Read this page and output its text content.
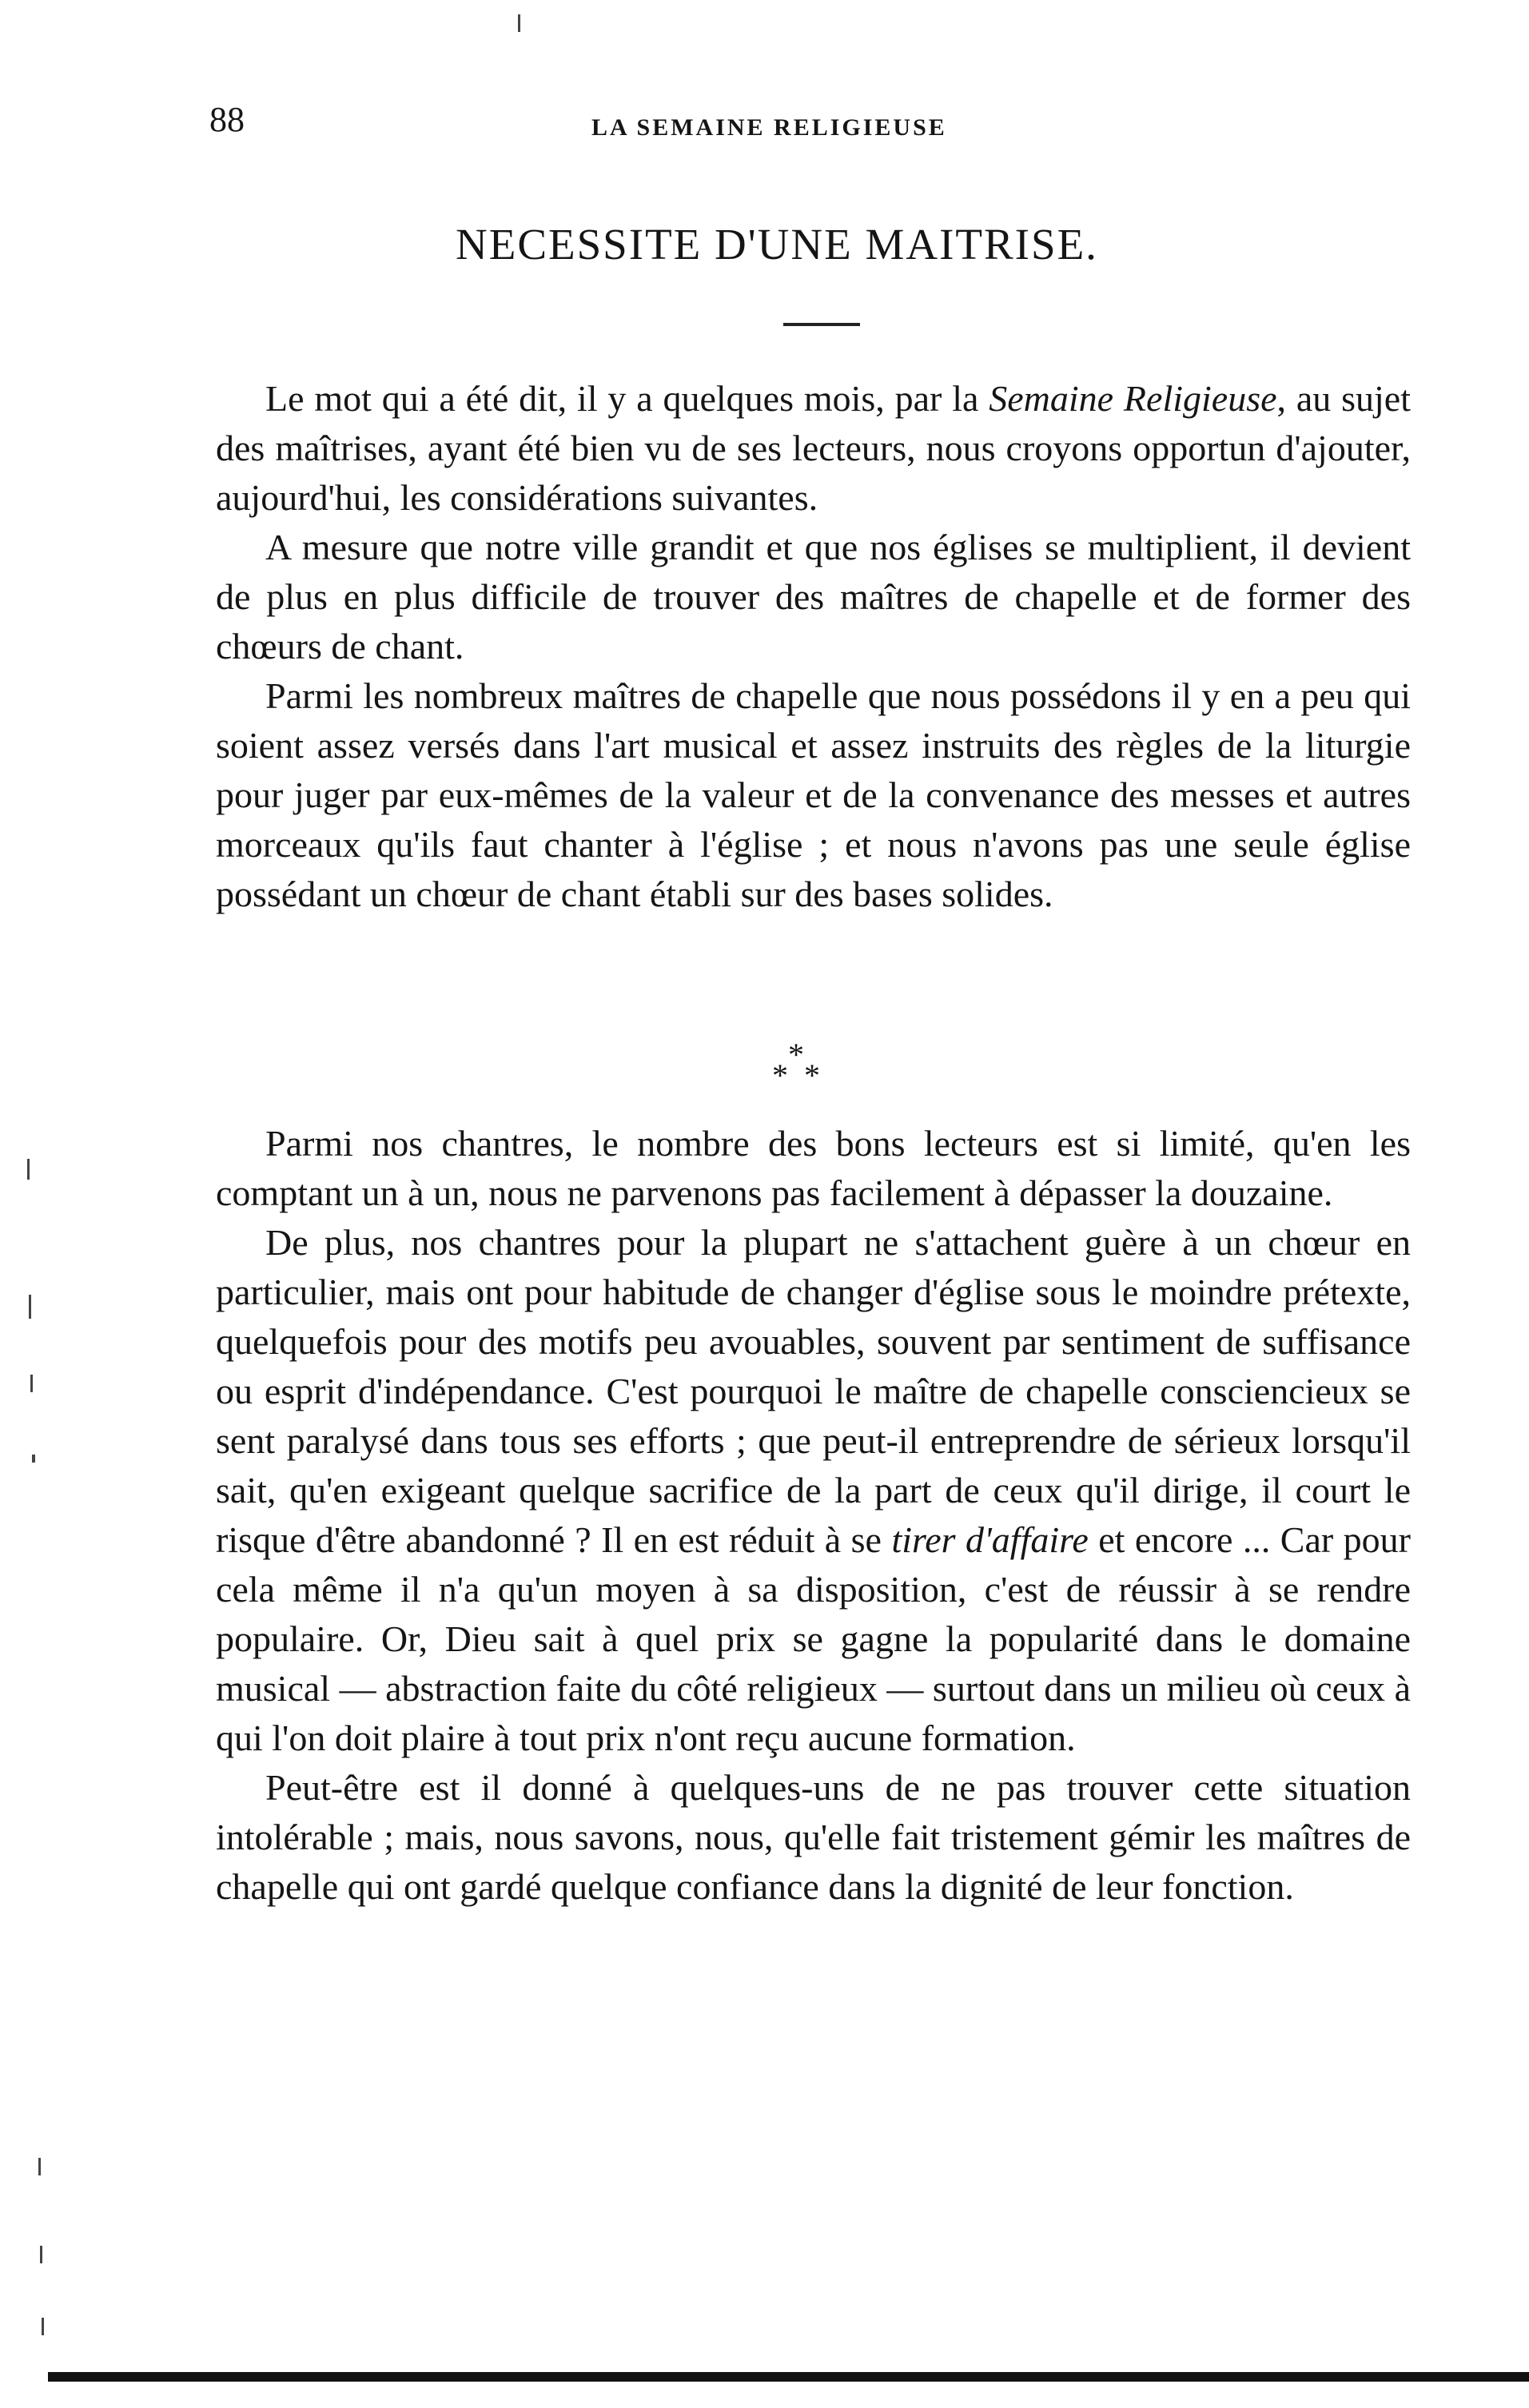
88	LA SEMAINE RELIGIEUSE
NECESSITE D'UNE MAITRISE.

Le mot qui a été dit, il y a quelques mois, par la Semaine Religieuse, au sujet des maîtrises, ayant été bien vu de ses lecteurs, nous croyons opportun d'ajouter, aujourd'hui, les considérations suivantes.

A mesure que notre ville grandit et que nos églises se multiplient, il devient de plus en plus difficile de trouver des maîtres de chapelle et de former des chœurs de chant.

Parmi les nombreux maîtres de chapelle que nous possédons il y en a peu qui soient assez versés dans l'art musical et assez instruits des règles de la liturgie pour juger par eux-mêmes de la valeur et de la convenance des messes et autres morceaux qu'ils faut chanter à l'église ; et nous n'avons pas une seule église possédant un chœur de chant établi sur des bases solides.

*
* *

Parmi nos chantres, le nombre des bons lecteurs est si limité, qu'en les comptant un à un, nous ne parvenons pas facilement à dépasser la douzaine.

De plus, nos chantres pour la plupart ne s'attachent guère à un chœur en particulier, mais ont pour habitude de changer d'église sous le moindre prétexte, quelquefois pour des motifs peu avouables, souvent par sentiment de suffisance ou esprit d'indépendance. C'est pourquoi le maître de chapelle consciencieux se sent paralysé dans tous ses efforts ; que peut-il entreprendre de sérieux lorsqu'il sait, qu'en exigeant quelque sacrifice de la part de ceux qu'il dirige, il court le risque d'être abandonné ? Il en est réduit à se tirer d'affaire et encore ... Car pour cela même il n'a qu'un moyen à sa disposition, c'est de réussir à se rendre populaire. Or, Dieu sait à quel prix se gagne la popularité dans le domaine musical — abstraction faite du côté religieux — surtout dans un milieu où ceux à qui l'on doit plaire à tout prix n'ont reçu aucune formation.

Peut-être est il donné à quelques-uns de ne pas trouver cette situation intolérable ; mais, nous savons, nous, qu'elle fait tristement gémir les maîtres de chapelle qui ont gardé quelque confiance dans la dignité de leur fonction.
